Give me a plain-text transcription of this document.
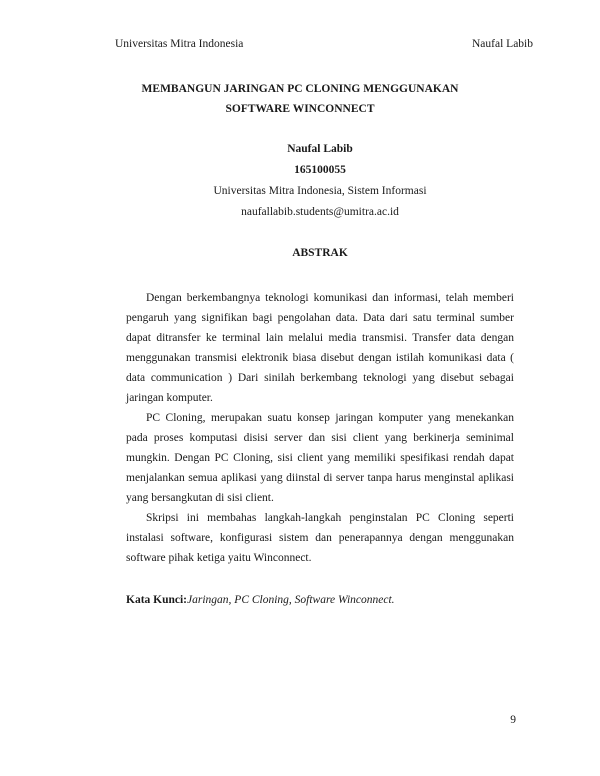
Universitas Mitra Indonesia	Naufal Labib
MEMBANGUN JARINGAN PC CLONING MENGGUNAKAN
SOFTWARE WINCONNECT
Naufal Labib
165100055
Universitas Mitra Indonesia, Sistem Informasi
naufallabib.students@umitra.ac.id
ABSTRAK

Dengan berkembangnya teknologi komunikasi dan informasi, telah memberi pengaruh yang signifikan bagi pengolahan data. Data dari satu terminal sumber dapat ditransfer ke terminal lain melalui media transmisi. Transfer data dengan menggunakan transmisi elektronik biasa disebut dengan istilah komunikasi data ( data communication ) Dari sinilah berkembang teknologi yang disebut sebagai jaringan komputer.

PC Cloning, merupakan suatu konsep jaringan komputer yang menekankan pada proses komputasi disisi server dan sisi client yang berkinerja seminimal mungkin. Dengan PC Cloning, sisi client yang memiliki spesifikasi rendah dapat menjalankan semua aplikasi yang diinstal di server tanpa harus menginstal aplikasi yang bersangkutan di sisi client.

Skripsi ini membahas langkah-langkah penginstalan PC Cloning seperti instalasi software, konfigurasi sistem dan penerapannya dengan menggunakan software pihak ketiga yaitu Winconnect.

Kata Kunci:Jaringan, PC Cloning, Software Winconnect.
9
